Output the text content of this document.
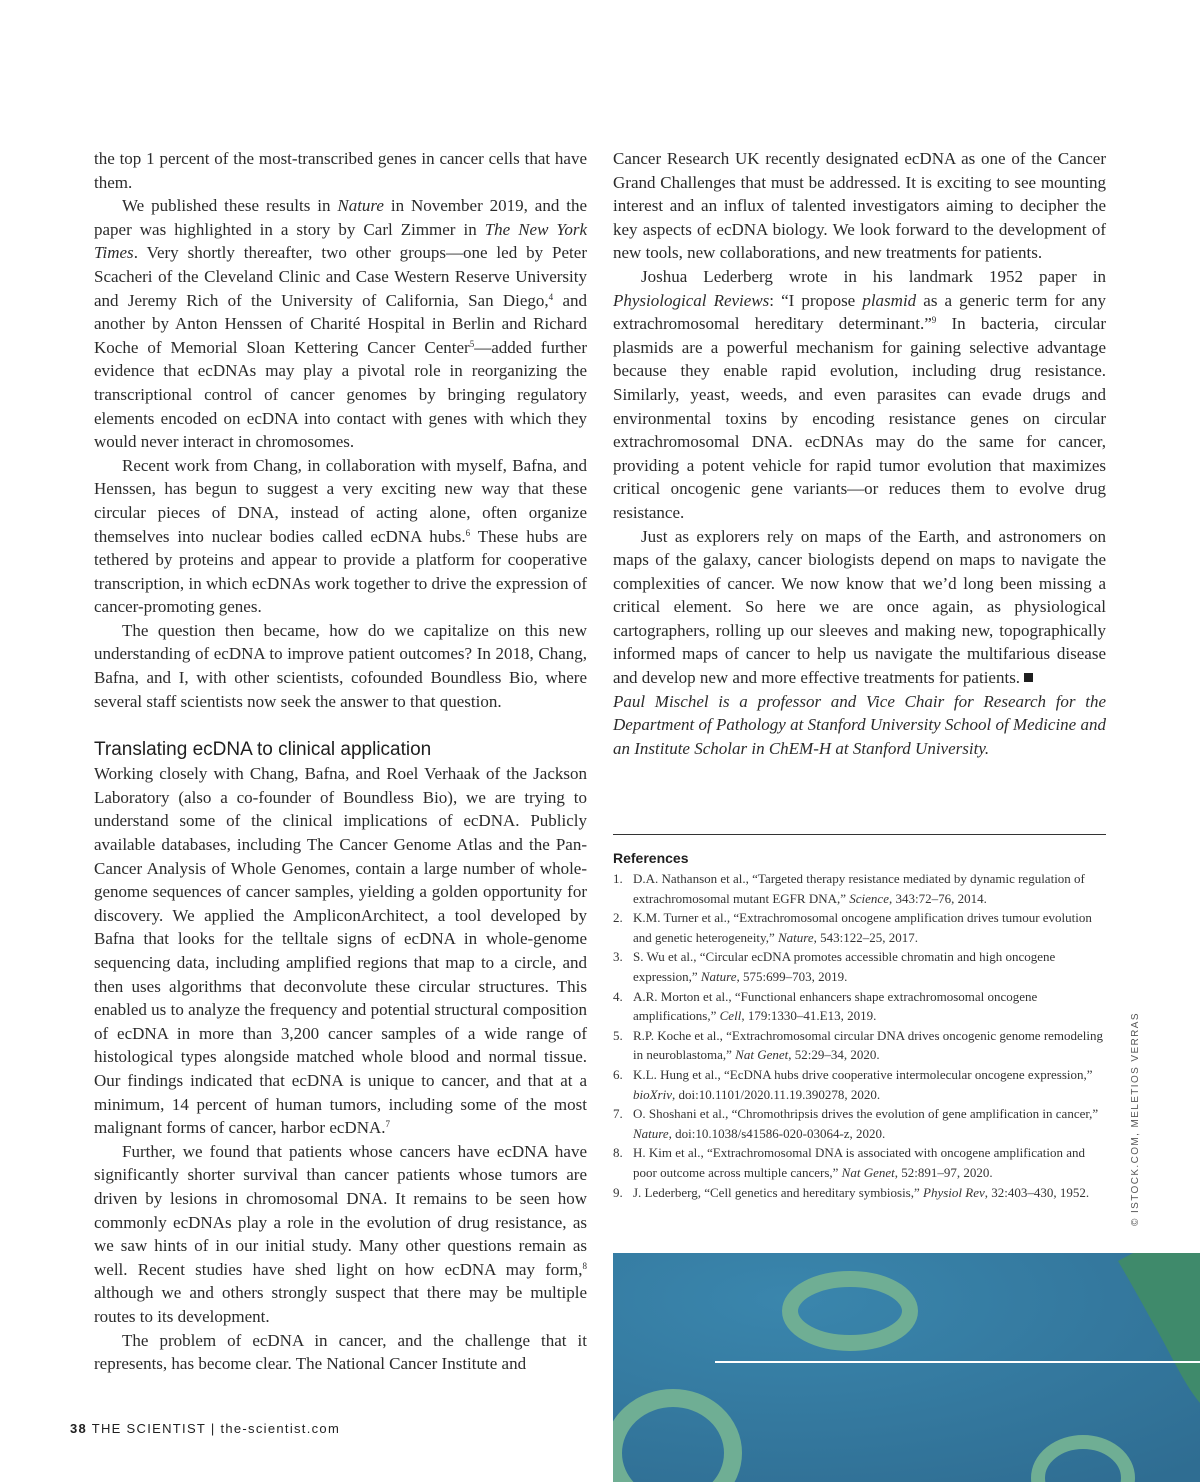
the top 1 percent of the most-transcribed genes in cancer cells that have them.

We published these results in Nature in November 2019, and the paper was highlighted in a story by Carl Zimmer in The New York Times. Very shortly thereafter, two other groups—one led by Peter Scacheri of the Cleveland Clinic and Case Western Reserve University and Jeremy Rich of the University of California, San Diego,$^4$ and another by Anton Henssen of Charité Hospital in Berlin and Richard Koche of Memorial Sloan Kettering Cancer Center$^5$—added further evidence that ecDNAs may play a pivotal role in reorganizing the transcriptional control of cancer genomes by bringing regulatory elements encoded on ecDNA into contact with genes with which they would never interact in chromosomes.

Recent work from Chang, in collaboration with myself, Bafna, and Henssen, has begun to suggest a very exciting new way that these circular pieces of DNA, instead of acting alone, often organize themselves into nuclear bodies called ecDNA hubs.$^6$ These hubs are tethered by proteins and appear to provide a platform for cooperative transcription, in which ecDNAs work together to drive the expression of cancer-promoting genes.

The question then became, how do we capitalize on this new understanding of ecDNA to improve patient outcomes? In 2018, Chang, Bafna, and I, with other scientists, cofounded Boundless Bio, where several staff scientists now seek the answer to that question.

Translating ecDNA to clinical application

Working closely with Chang, Bafna, and Roel Verhaak of the Jackson Laboratory (also a co-founder of Boundless Bio), we are trying to understand some of the clinical implications of ecDNA. Publicly available databases, including The Cancer Genome Atlas and the Pan-Cancer Analysis of Whole Genomes, contain a large number of whole-genome sequences of cancer samples, yielding a golden opportunity for discovery. We applied the AmpliconArchitect, a tool developed by Bafna that looks for the telltale signs of ecDNA in whole-genome sequencing data, including amplified regions that map to a circle, and then uses algorithms that deconvolute these circular structures. This enabled us to analyze the frequency and potential structural composition of ecDNA in more than 3,200 cancer samples of a wide range of histological types alongside matched whole blood and normal tissue. Our findings indicated that ecDNA is unique to cancer, and that at a minimum, 14 percent of human tumors, including some of the most malignant forms of cancer, harbor ecDNA.$^7$

Further, we found that patients whose cancers have ecDNA have significantly shorter survival than cancer patients whose tumors are driven by lesions in chromosomal DNA. It remains to be seen how commonly ecDNAs play a role in the evolution of drug resistance, as we saw hints of in our initial study. Many other questions remain as well. Recent studies have shed light on how ecDNA may form,$^8$ although we and others strongly suspect that there may be multiple routes to its development.

The problem of ecDNA in cancer, and the challenge that it represents, has become clear. The National Cancer Institute and

Cancer Research UK recently designated ecDNA as one of the Cancer Grand Challenges that must be addressed. It is exciting to see mounting interest and an influx of talented investigators aiming to decipher the key aspects of ecDNA biology. We look forward to the development of new tools, new collaborations, and new treatments for patients.

Joshua Lederberg wrote in his landmark 1952 paper in Physiological Reviews: “I propose plasmid as a generic term for any extrachromosomal hereditary determinant.”$^9$ In bacteria, circular plasmids are a powerful mechanism for gaining selective advantage because they enable rapid evolution, including drug resistance. Similarly, yeast, weeds, and even parasites can evade drugs and environmental toxins by encoding resistance genes on circular extrachromosomal DNA. ecDNAs may do the same for cancer, providing a potent vehicle for rapid tumor evolution that maximizes critical oncogenic gene variants—or reduces them to evolve drug resistance.

Just as explorers rely on maps of the Earth, and astronomers on maps of the galaxy, cancer biologists depend on maps to navigate the complexities of cancer. We now know that we’d long been missing a critical element. So here we are once again, as physiological cartographers, rolling up our sleeves and making new, topographically informed maps of cancer to help us navigate the multifarious disease and develop new and more effective treatments for patients.

Paul Mischel is a professor and Vice Chair for Research for the Department of Pathology at Stanford University School of Medicine and an Institute Scholar in ChEM-H at Stanford University.

References
1. D.A. Nathanson et al., “Targeted therapy resistance mediated by dynamic regulation of extrachromosomal mutant EGFR DNA,” Science, 343:72–76, 2014.
2. K.M. Turner et al., “Extrachromosomal oncogene amplification drives tumour evolution and genetic heterogeneity,” Nature, 543:122–25, 2017.
3. S. Wu et al., “Circular ecDNA promotes accessible chromatin and high oncogene expression,” Nature, 575:699–703, 2019.
4. A.R. Morton et al., “Functional enhancers shape extrachromosomal oncogene amplifications,” Cell, 179:1330–41.E13, 2019.
5. R.P. Koche et al., “Extrachromosomal circular DNA drives oncogenic genome remodeling in neuroblastoma,” Nat Genet, 52:29–34, 2020.
6. K.L. Hung et al., “EcDNA hubs drive cooperative intermolecular oncogene expression,” bioXriv, doi:10.1101/2020.11.19.390278, 2020.
7. O. Shoshani et al., “Chromothripsis drives the evolution of gene amplification in cancer,” Nature, doi:10.1038/s41586-020-03064-z, 2020.
8. H. Kim et al., “Extrachromosomal DNA is associated with oncogene amplification and poor outcome across multiple cancers,” Nat Genet, 52:891–97, 2020.
9. J. Lederberg, “Cell genetics and hereditary symbiosis,” Physiol Rev, 32:403–430, 1952.	© ISTOCK.COM, MELETIOS VERRAS
38 THE SCIENTIST | the-scientist.com
